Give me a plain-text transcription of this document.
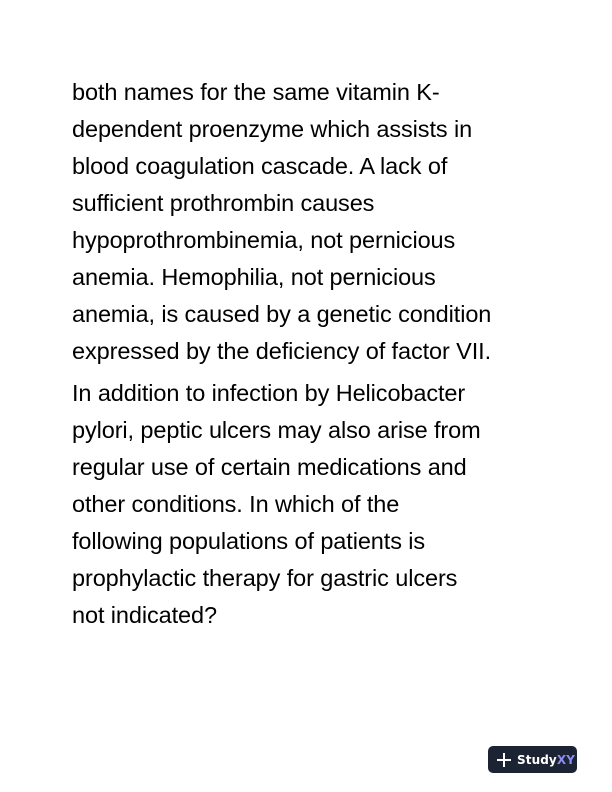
both names for the same vitamin K-
dependent proenzyme which assists in
blood coagulation cascade. A lack of
sufficient prothrombin causes
hypoprothrombinemia, not pernicious
anemia. Hemophilia, not pernicious
anemia, is caused by a genetic condition
expressed by the deficiency of factor VII.

In addition to infection by Helicobacter
pylori, peptic ulcers may also arise from
regular use of certain medications and
other conditions. In which of the
following populations of patients is
prophylactic therapy for gastric ulcers
not indicated?

StudyXY
